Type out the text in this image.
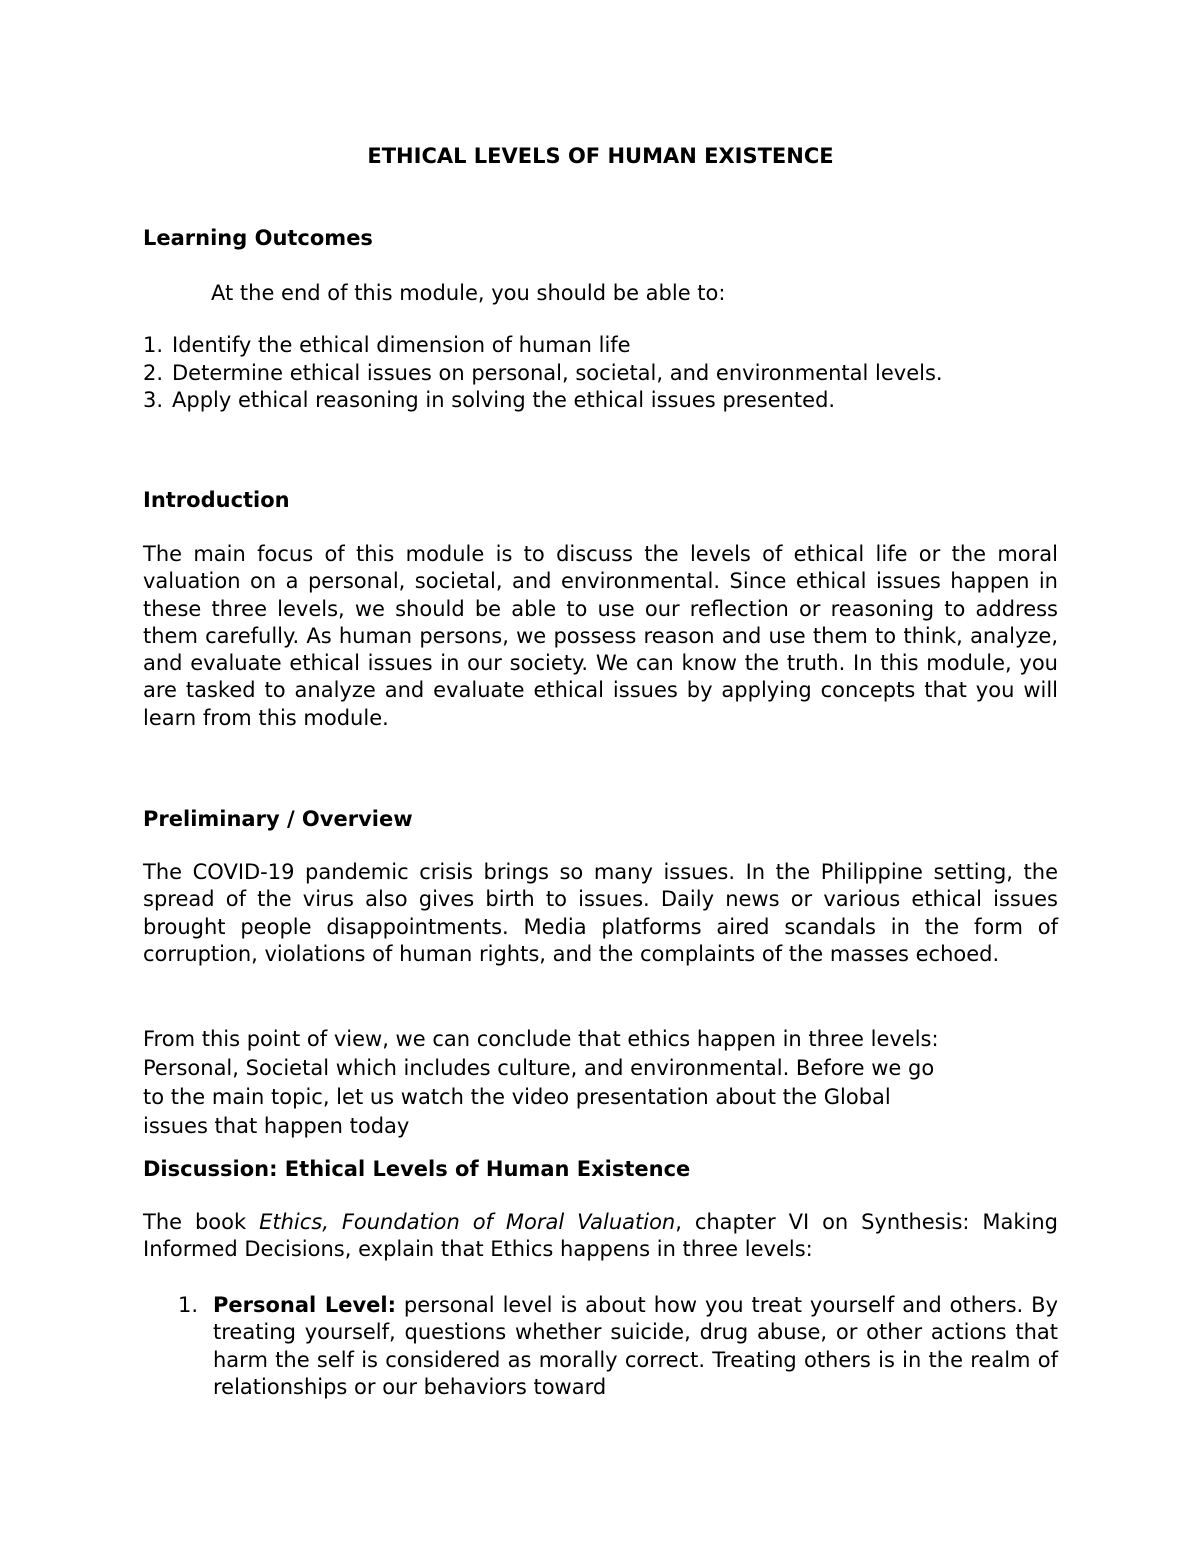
ETHICAL LEVELS OF HUMAN EXISTENCE
Learning Outcomes

At the end of this module, you should be able to:

1. Identify the ethical dimension of human life
2. Determine ethical issues on personal, societal, and environmental levels.
3. Apply ethical reasoning in solving the ethical issues presented.
Introduction

The main focus of this module is to discuss the levels of ethical life or the moral valuation on a personal, societal, and environmental. Since ethical issues happen in these three levels, we should be able to use our reflection or reasoning to address them carefully. As human persons, we possess reason and use them to think, analyze, and evaluate ethical issues in our society. We can know the truth. In this module, you are tasked to analyze and evaluate ethical issues by applying concepts that you will learn from this module.

Preliminary / Overview

The COVID-19 pandemic crisis brings so many issues. In the Philippine setting, the spread of the virus also gives birth to issues. Daily news or various ethical issues brought people disappointments. Media platforms aired scandals in the form of corruption, violations of human rights, and the complaints of the masses echoed.

From this point of view, we can conclude that ethics happen in three levels:
Personal, Societal which includes culture, and environmental. Before we go
to the main topic, let us watch the video presentation about the Global
issues that happen today
Discussion: Ethical Levels of Human Existence

The book Ethics, Foundation of Moral Valuation, chapter VI on Synthesis: Making Informed Decisions, explain that Ethics happens in three levels:

1. Personal Level: personal level is about how you treat yourself and others. By treating yourself, questions whether suicide, drug abuse, or other actions that harm the self is considered as morally correct. Treating others is in the realm of relationships or our behaviors toward
